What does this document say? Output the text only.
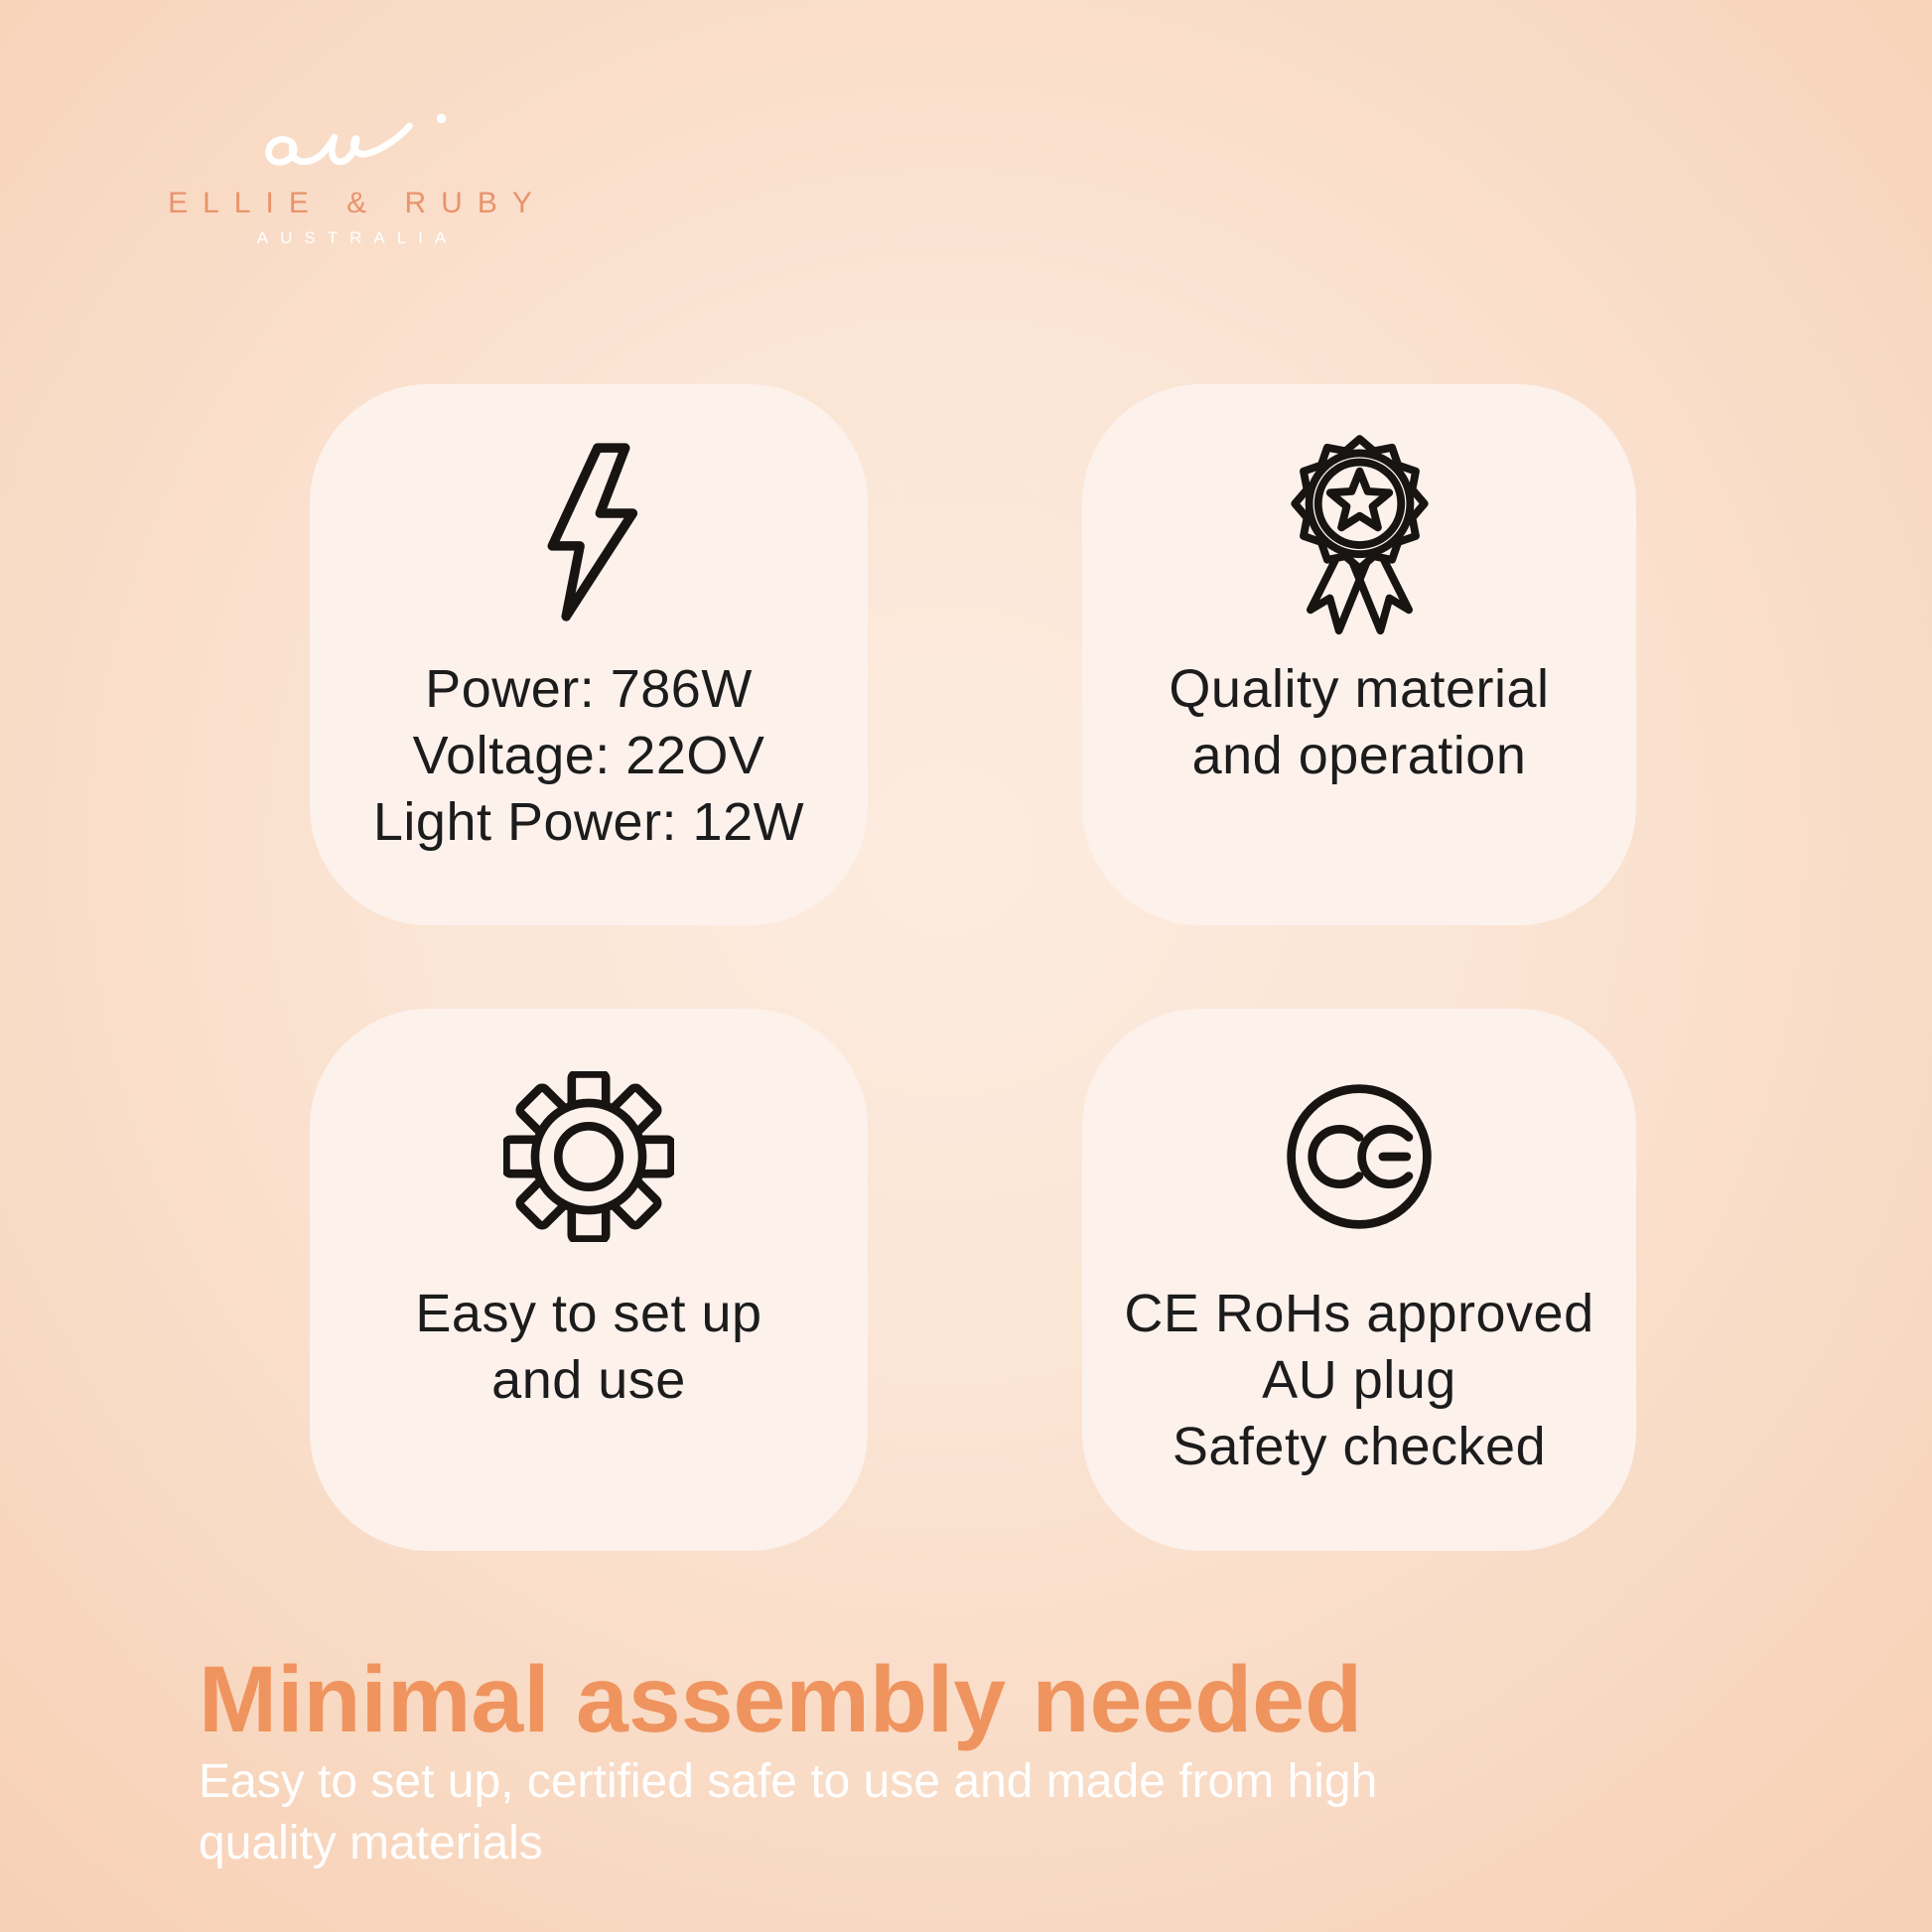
ELLIE & RUBY
AUSTRALIA
Power: 786W
Voltage: 22OV
Light Power: 12W
Quality material
and operation
Easy to set up
and use
CE RoHs approved
AU plug
Safety checked
Minimal assembly needed
Easy to set up, certified safe to use and made from high
quality materials
